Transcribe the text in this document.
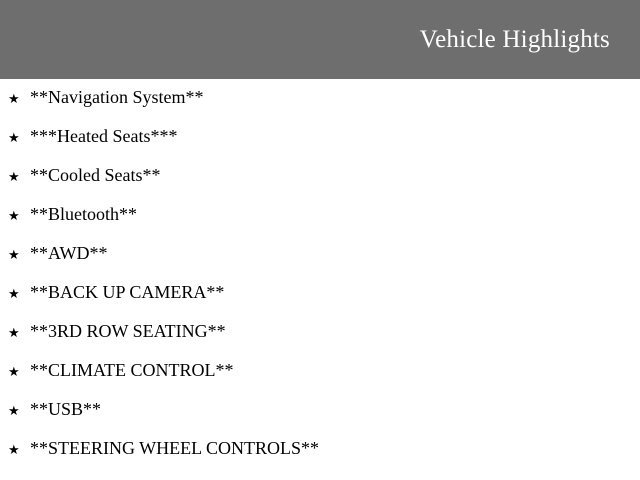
Vehicle Highlights
★ **Navigation System**
★ ***Heated Seats***
★ **Cooled Seats**
★ **Bluetooth**
★ **AWD**
★ **BACK UP CAMERA**
★ **3RD ROW SEATING**
★ **CLIMATE CONTROL**
★ **USB**
★ **STEERING WHEEL CONTROLS**
